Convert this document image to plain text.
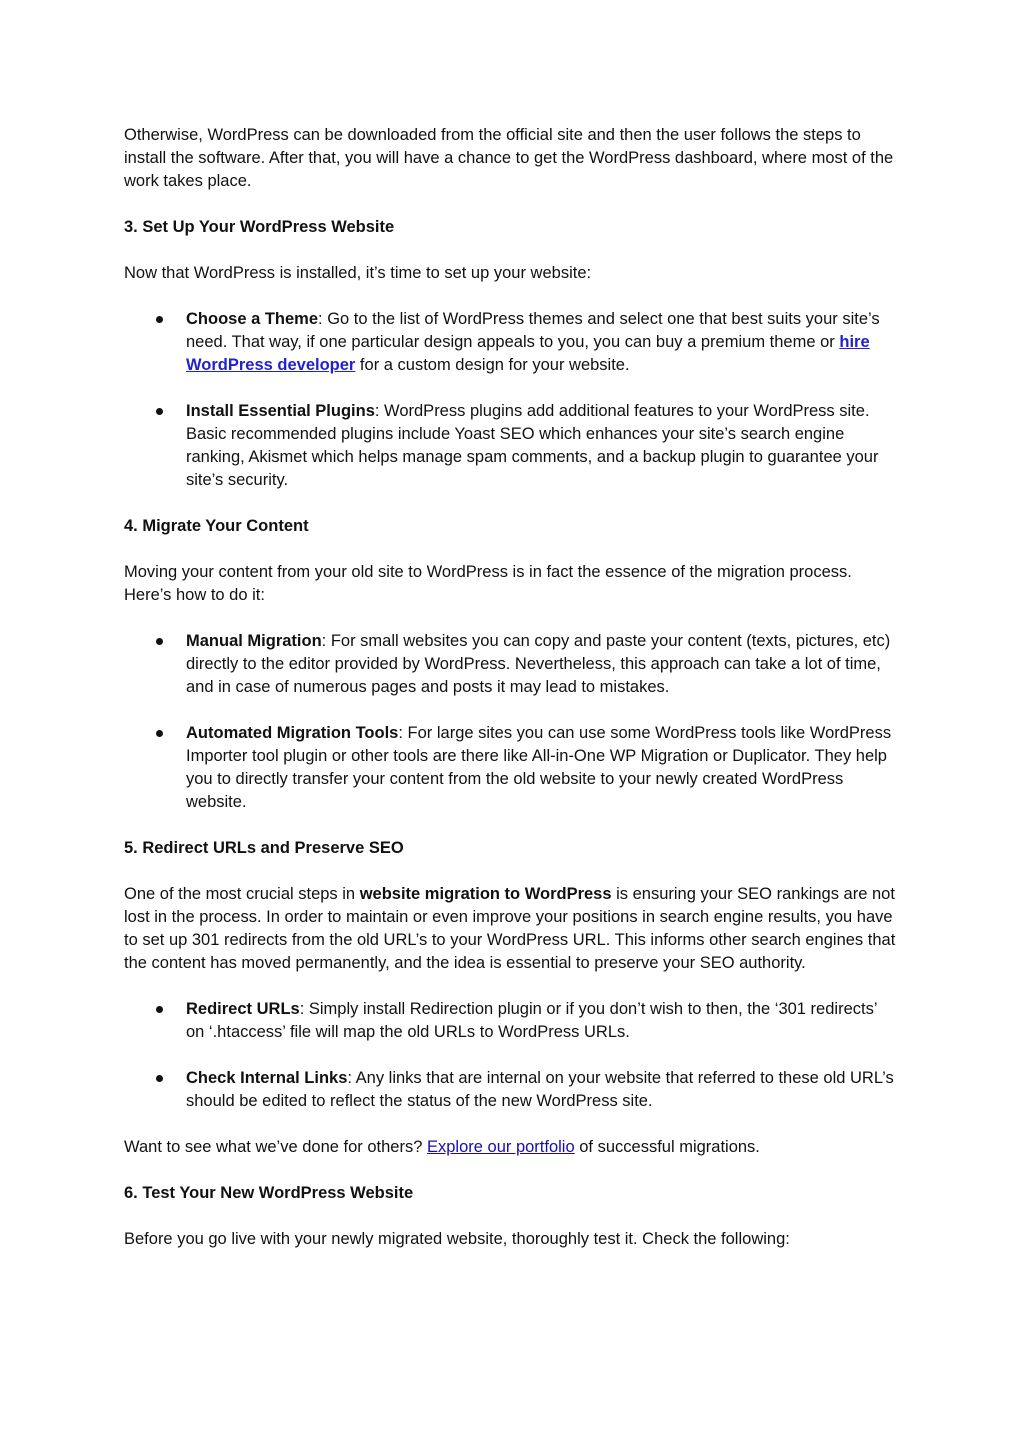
Otherwise, WordPress can be downloaded from the official site and then the user follows the steps to install the software. After that, you will have a chance to get the WordPress dashboard, where most of the work takes place.

3. Set Up Your WordPress Website

Now that WordPress is installed, it’s time to set up your website:

Choose a Theme: Go to the list of WordPress themes and select one that best suits your site’s need. That way, if one particular design appeals to you, you can buy a premium theme or hire WordPress developer for a custom design for your website.
Install Essential Plugins: WordPress plugins add additional features to your WordPress site. Basic recommended plugins include Yoast SEO which enhances your site’s search engine ranking, Akismet which helps manage spam comments, and a backup plugin to guarantee your site’s security.

4. Migrate Your Content

Moving your content from your old site to WordPress is in fact the essence of the migration process. Here’s how to do it:

Manual Migration: For small websites you can copy and paste your content (texts, pictures, etc) directly to the editor provided by WordPress. Nevertheless, this approach can take a lot of time, and in case of numerous pages and posts it may lead to mistakes.
Automated Migration Tools: For large sites you can use some WordPress tools like WordPress Importer tool plugin or other tools are there like All-in-One WP Migration or Duplicator. They help you to directly transfer your content from the old website to your newly created WordPress website.

5. Redirect URLs and Preserve SEO

One of the most crucial steps in website migration to WordPress is ensuring your SEO rankings are not lost in the process. In order to maintain or even improve your positions in search engine results, you have to set up 301 redirects from the old URL’s to your WordPress URL. This informs other search engines that the content has moved permanently, and the idea is essential to preserve your SEO authority.

Redirect URLs: Simply install Redirection plugin or if you don’t wish to then, the ‘301 redirects’ on ‘.htaccess’ file will map the old URLs to WordPress URLs.
Check Internal Links: Any links that are internal on your website that referred to these old URL’s should be edited to reflect the status of the new WordPress site.

Want to see what we’ve done for others? Explore our portfolio of successful migrations.

6. Test Your New WordPress Website

Before you go live with your newly migrated website, thoroughly test it. Check the following:
